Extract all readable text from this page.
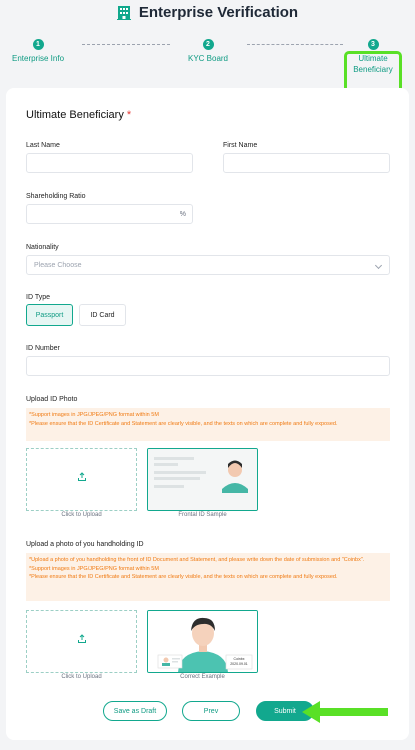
Enterprise Verification
1
Enterprise Info
2
KYC Board
3
Ultimate
Beneficiary
Ultimate Beneficiary *
Last Name	First Name
Shareholding Ratio
%
Nationality
Please Choose
ID Type
Passport	ID Card
ID Number
Upload ID Photo
*Support images in JPG/JPEG/PNG format within 5M
*Please ensure that the ID Certificate and Statement are clearly visible, and the texts on which are complete and fully exposed.
Click to Upload	Frontal ID Sample
Upload a photo of you handholding ID
*Upload a photo of you handholding the front of ID Document and Statement, and please write down the date of submission and "Coinbx".
*Support images in JPG/JPEG/PNG format within 5M
*Please ensure that the ID Certificate and Statement are clearly visible, and the texts on which are complete and fully exposed.
Click to Upload
Coinbx
2020.09.01
Correct Example
Save as Draft	Prev	Submit
